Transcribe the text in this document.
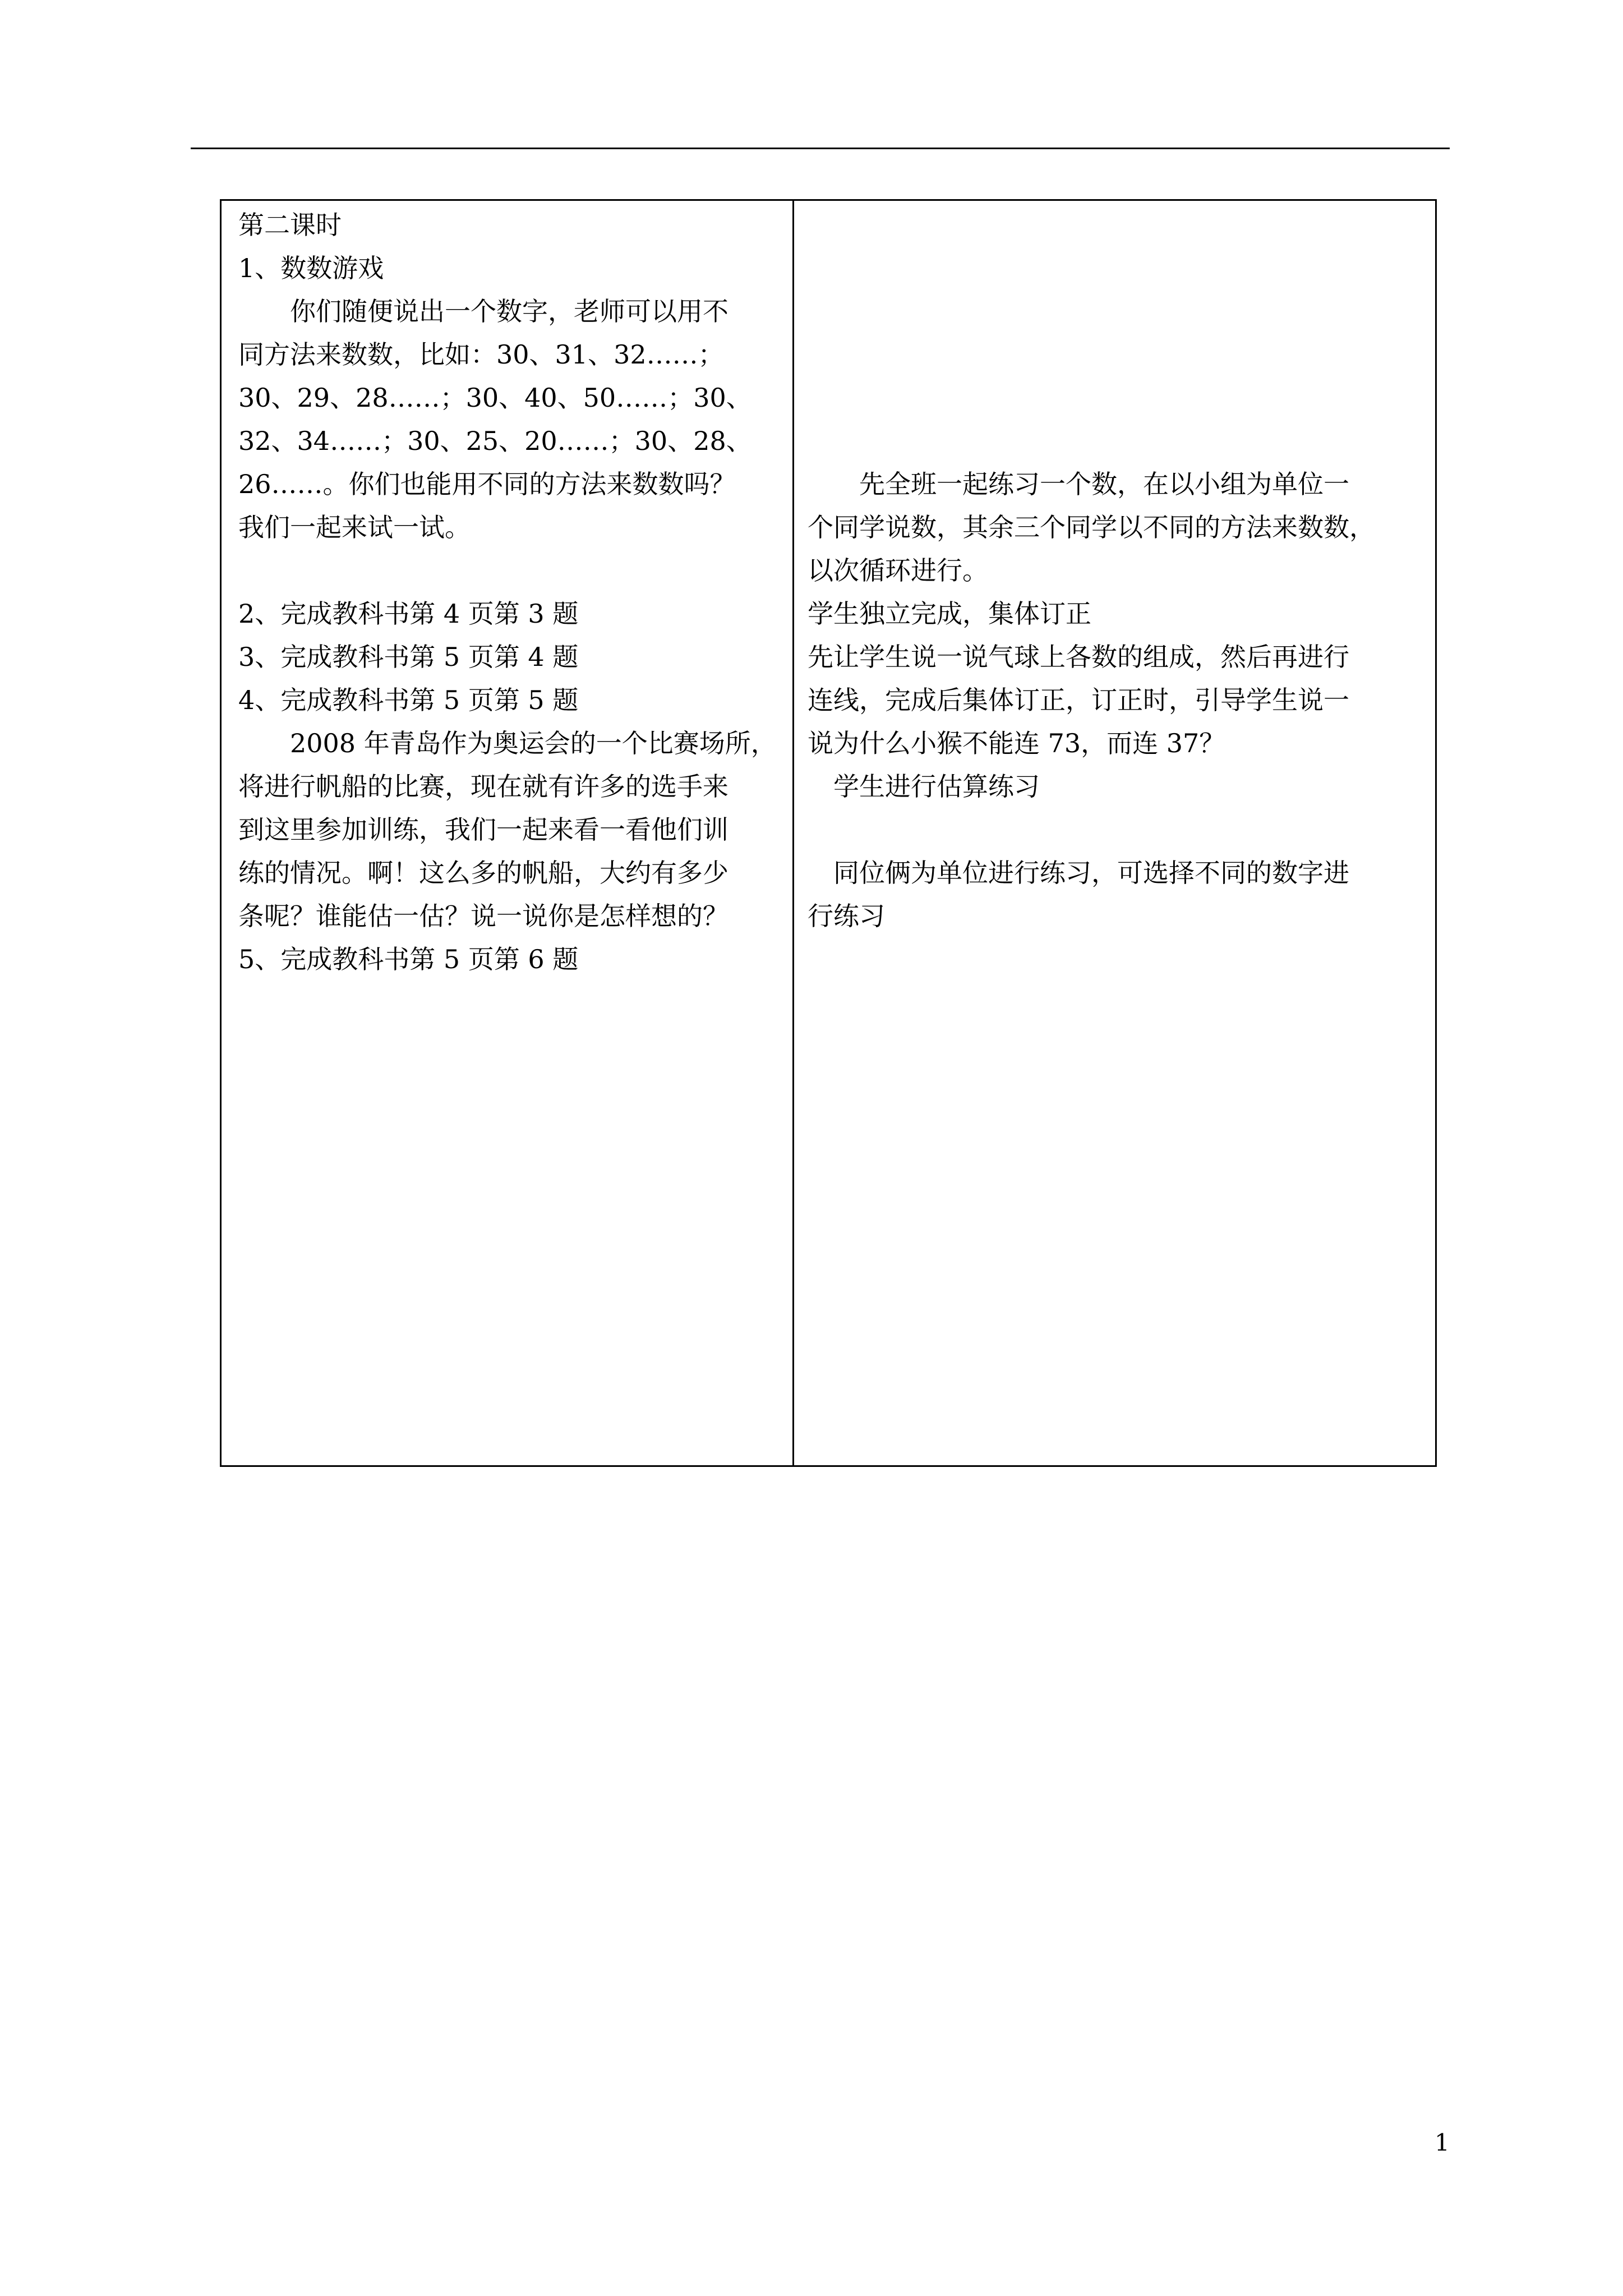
第二课时
1、数数游戏
　　你们随便说出一个数字，老师可以用不
同方法来数数，比如：30、31、32……；
30、29、28……；30、40、50……；30、
32、34……；30、25、20……；30、28、
26……。你们也能用不同的方法来数数吗？
我们一起来试一试。
2、完成教科书第 4 页第 3 题
3、完成教科书第 5 页第 4 题
4、完成教科书第 5 页第 5 题
　　2008 年青岛作为奥运会的一个比赛场所，
将进行帆船的比赛，现在就有许多的选手来
到这里参加训练，我们一起来看一看他们训
练的情况。啊！这么多的帆船，大约有多少
条呢？谁能估一估？说一说你是怎样想的？
5、完成教科书第 5 页第 6 题
　　先全班一起练习一个数，在以小组为单位一
个同学说数，其余三个同学以不同的方法来数数，
以次循环进行。
学生独立完成，集体订正
先让学生说一说气球上各数的组成，然后再进行
连线，完成后集体订正，订正时，引导学生说一
说为什么小猴不能连 73，而连 37？
　学生进行估算练习
　同位俩为单位进行练习，可选择不同的数字进
行练习
1
